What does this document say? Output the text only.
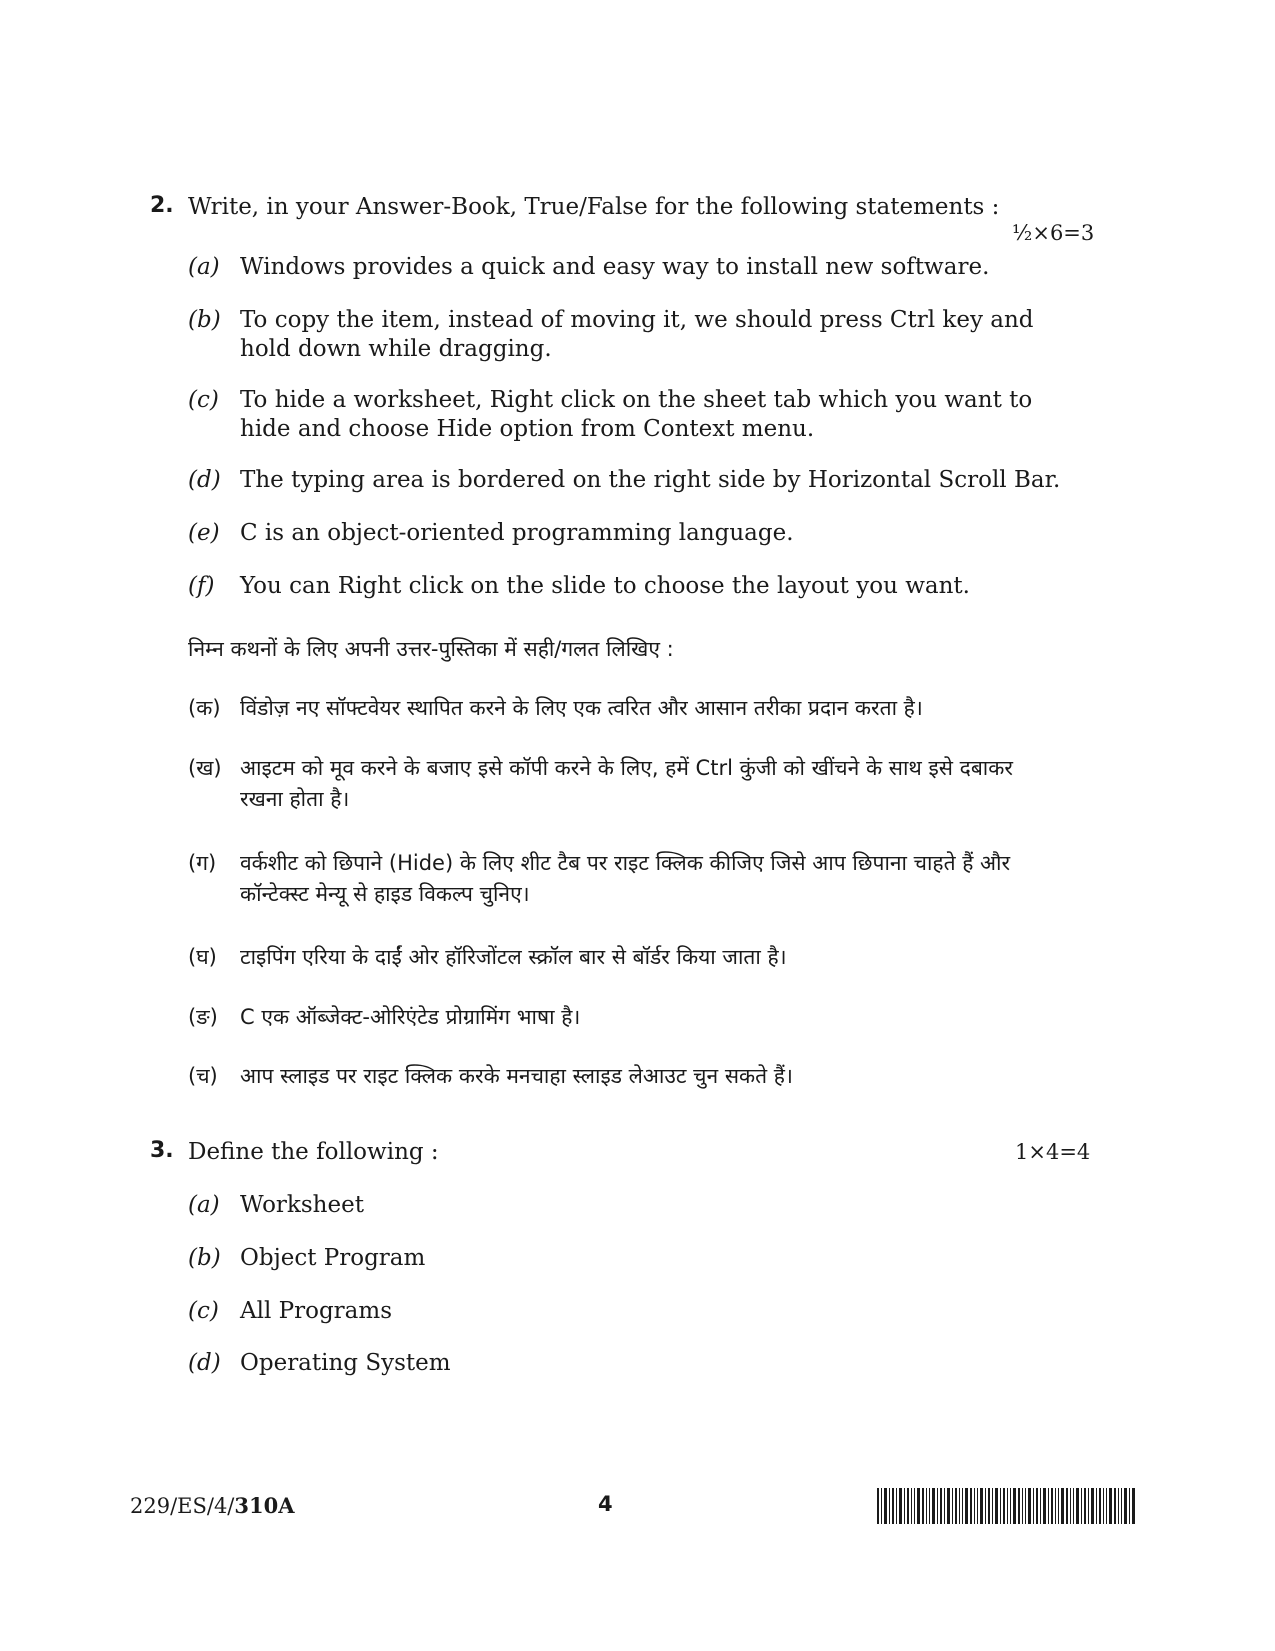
2. Write, in your Answer-Book, True/False for the following statements :
½×6=3
(a) Windows provides a quick and easy way to install new software.
(b) To copy the item, instead of moving it, we should press Ctrl key and hold down while dragging.
(c) To hide a worksheet, Right click on the sheet tab which you want to hide and choose Hide option from Context menu.
(d) The typing area is bordered on the right side by Horizontal Scroll Bar.
(e) C is an object-oriented programming language.
(f) You can Right click on the slide to choose the layout you want.
निम्न कथनों के लिए अपनी उत्तर-पुस्तिका में सही/गलत लिखिए :
(क) विंडोज़ नए सॉफ्टवेयर स्थापित करने के लिए एक त्वरित और आसान तरीका प्रदान करता है।
(ख) आइटम को मूव करने के बजाए इसे कॉपी करने के लिए, हमें Ctrl कुंजी को खींचने के साथ इसे दबाकर रखना होता है।
(ग) वर्कशीट को छिपाने (Hide) के लिए शीट टैब पर राइट क्लिक कीजिए जिसे आप छिपाना चाहते हैं और कॉन्टेक्स्ट मेन्यू से हाइड विकल्प चुनिए।
(घ) टाइपिंग एरिया के दाईं ओर हॉरिजोंटल स्क्रॉल बार से बॉर्डर किया जाता है।
(ङ) C एक ऑब्जेक्ट-ओरिएंटेड प्रोग्रामिंग भाषा है।
(च) आप स्लाइड पर राइट क्लिक करके मनचाहा स्लाइड लेआउट चुन सकते हैं।
3. Define the following :	1×4=4
(a) Worksheet
(b) Object Program
(c) All Programs
(d) Operating System
229/ES/4/310A	4
